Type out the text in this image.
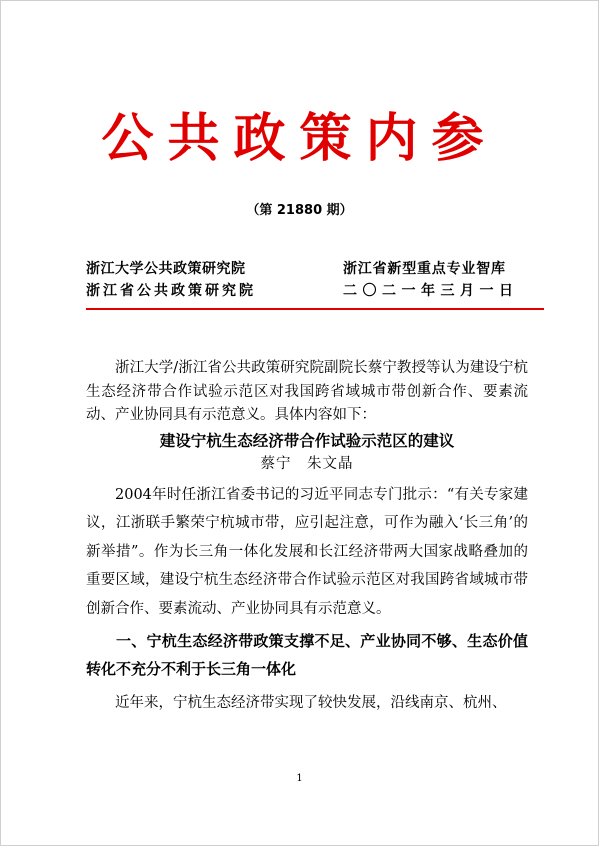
公共政策内参
（第 21880 期）
浙江大学公共政策研究院
浙江省公共政策研究院
浙江省新型重点专业智库
二〇二一年三月一日

浙江大学/浙江省公共政策研究院副院长蔡宁教授等认为建设宁杭生态经济带合作试验示范区对我国跨省域城市带创新合作、要素流动、产业协同具有示范意义。具体内容如下：

建设宁杭生态经济带合作试验示范区的建议

蔡宁　朱文晶

2004年时任浙江省委书记的习近平同志专门批示：“有关专家建议，江浙联手繁荣宁杭城市带，应引起注意，可作为融入‘长三角’的新举措”。作为长三角一体化发展和长江经济带两大国家战略叠加的重要区域，建设宁杭生态经济带合作试验示范区对我国跨省域城市带创新合作、要素流动、产业协同具有示范意义。

一、宁杭生态经济带政策支撑不足、产业协同不够、生态价值转化不充分不利于长三角一体化

近年来，宁杭生态经济带实现了较快发展，沿线南京、杭州、

1
